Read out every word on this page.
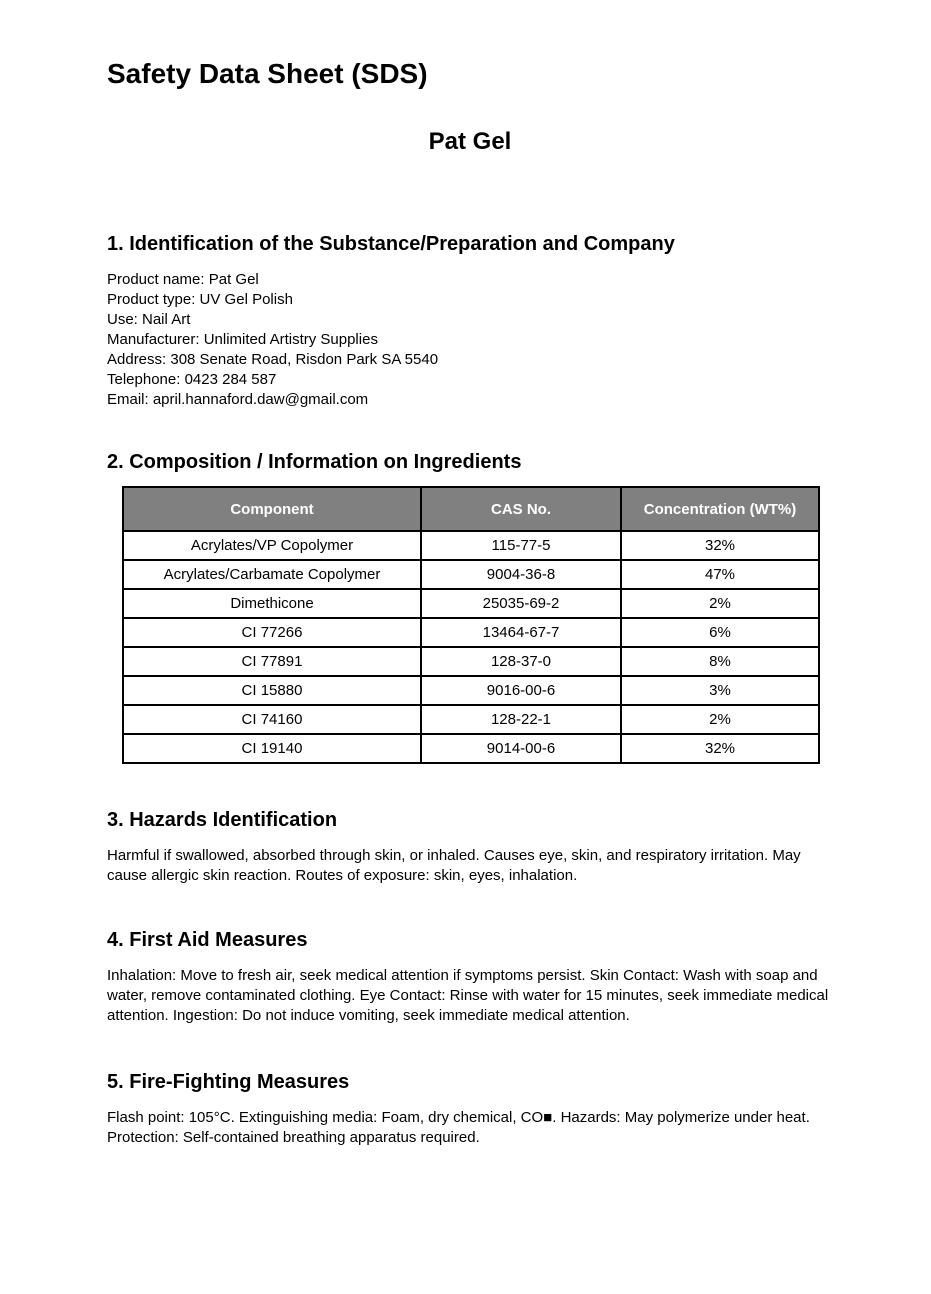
Safety Data Sheet (SDS)
Pat Gel
1. Identification of the Substance/Preparation and Company
Product name: Pat Gel
Product type: UV Gel Polish
Use: Nail Art
Manufacturer: Unlimited Artistry Supplies
Address: 308 Senate Road, Risdon Park SA 5540
Telephone: 0423 284 587
Email: april.hannaford.daw@gmail.com
2. Composition / Information on Ingredients
Component	CAS No.	Concentration (WT%)
Acrylates/VP Copolymer	115-77-5	32%
Acrylates/Carbamate Copolymer	9004-36-8	47%
Dimethicone	25035-69-2	2%
CI 77266	13464-67-7	6%
CI 77891	128-37-0	8%
CI 15880	9016-00-6	3%
CI 74160	128-22-1	2%
CI 19140	9014-00-6	32%
3. Hazards Identification

Harmful if swallowed, absorbed through skin, or inhaled. Causes eye, skin, and respiratory irritation. May cause allergic skin reaction. Routes of exposure: skin, eyes, inhalation.

4. First Aid Measures

Inhalation: Move to fresh air, seek medical attention if symptoms persist. Skin Contact: Wash with soap and water, remove contaminated clothing. Eye Contact: Rinse with water for 15 minutes, seek immediate medical attention. Ingestion: Do not induce vomiting, seek immediate medical attention.

5. Fire-Fighting Measures

Flash point: 105°C. Extinguishing media: Foam, dry chemical, CO■. Hazards: May polymerize under heat. Protection: Self-contained breathing apparatus required.
